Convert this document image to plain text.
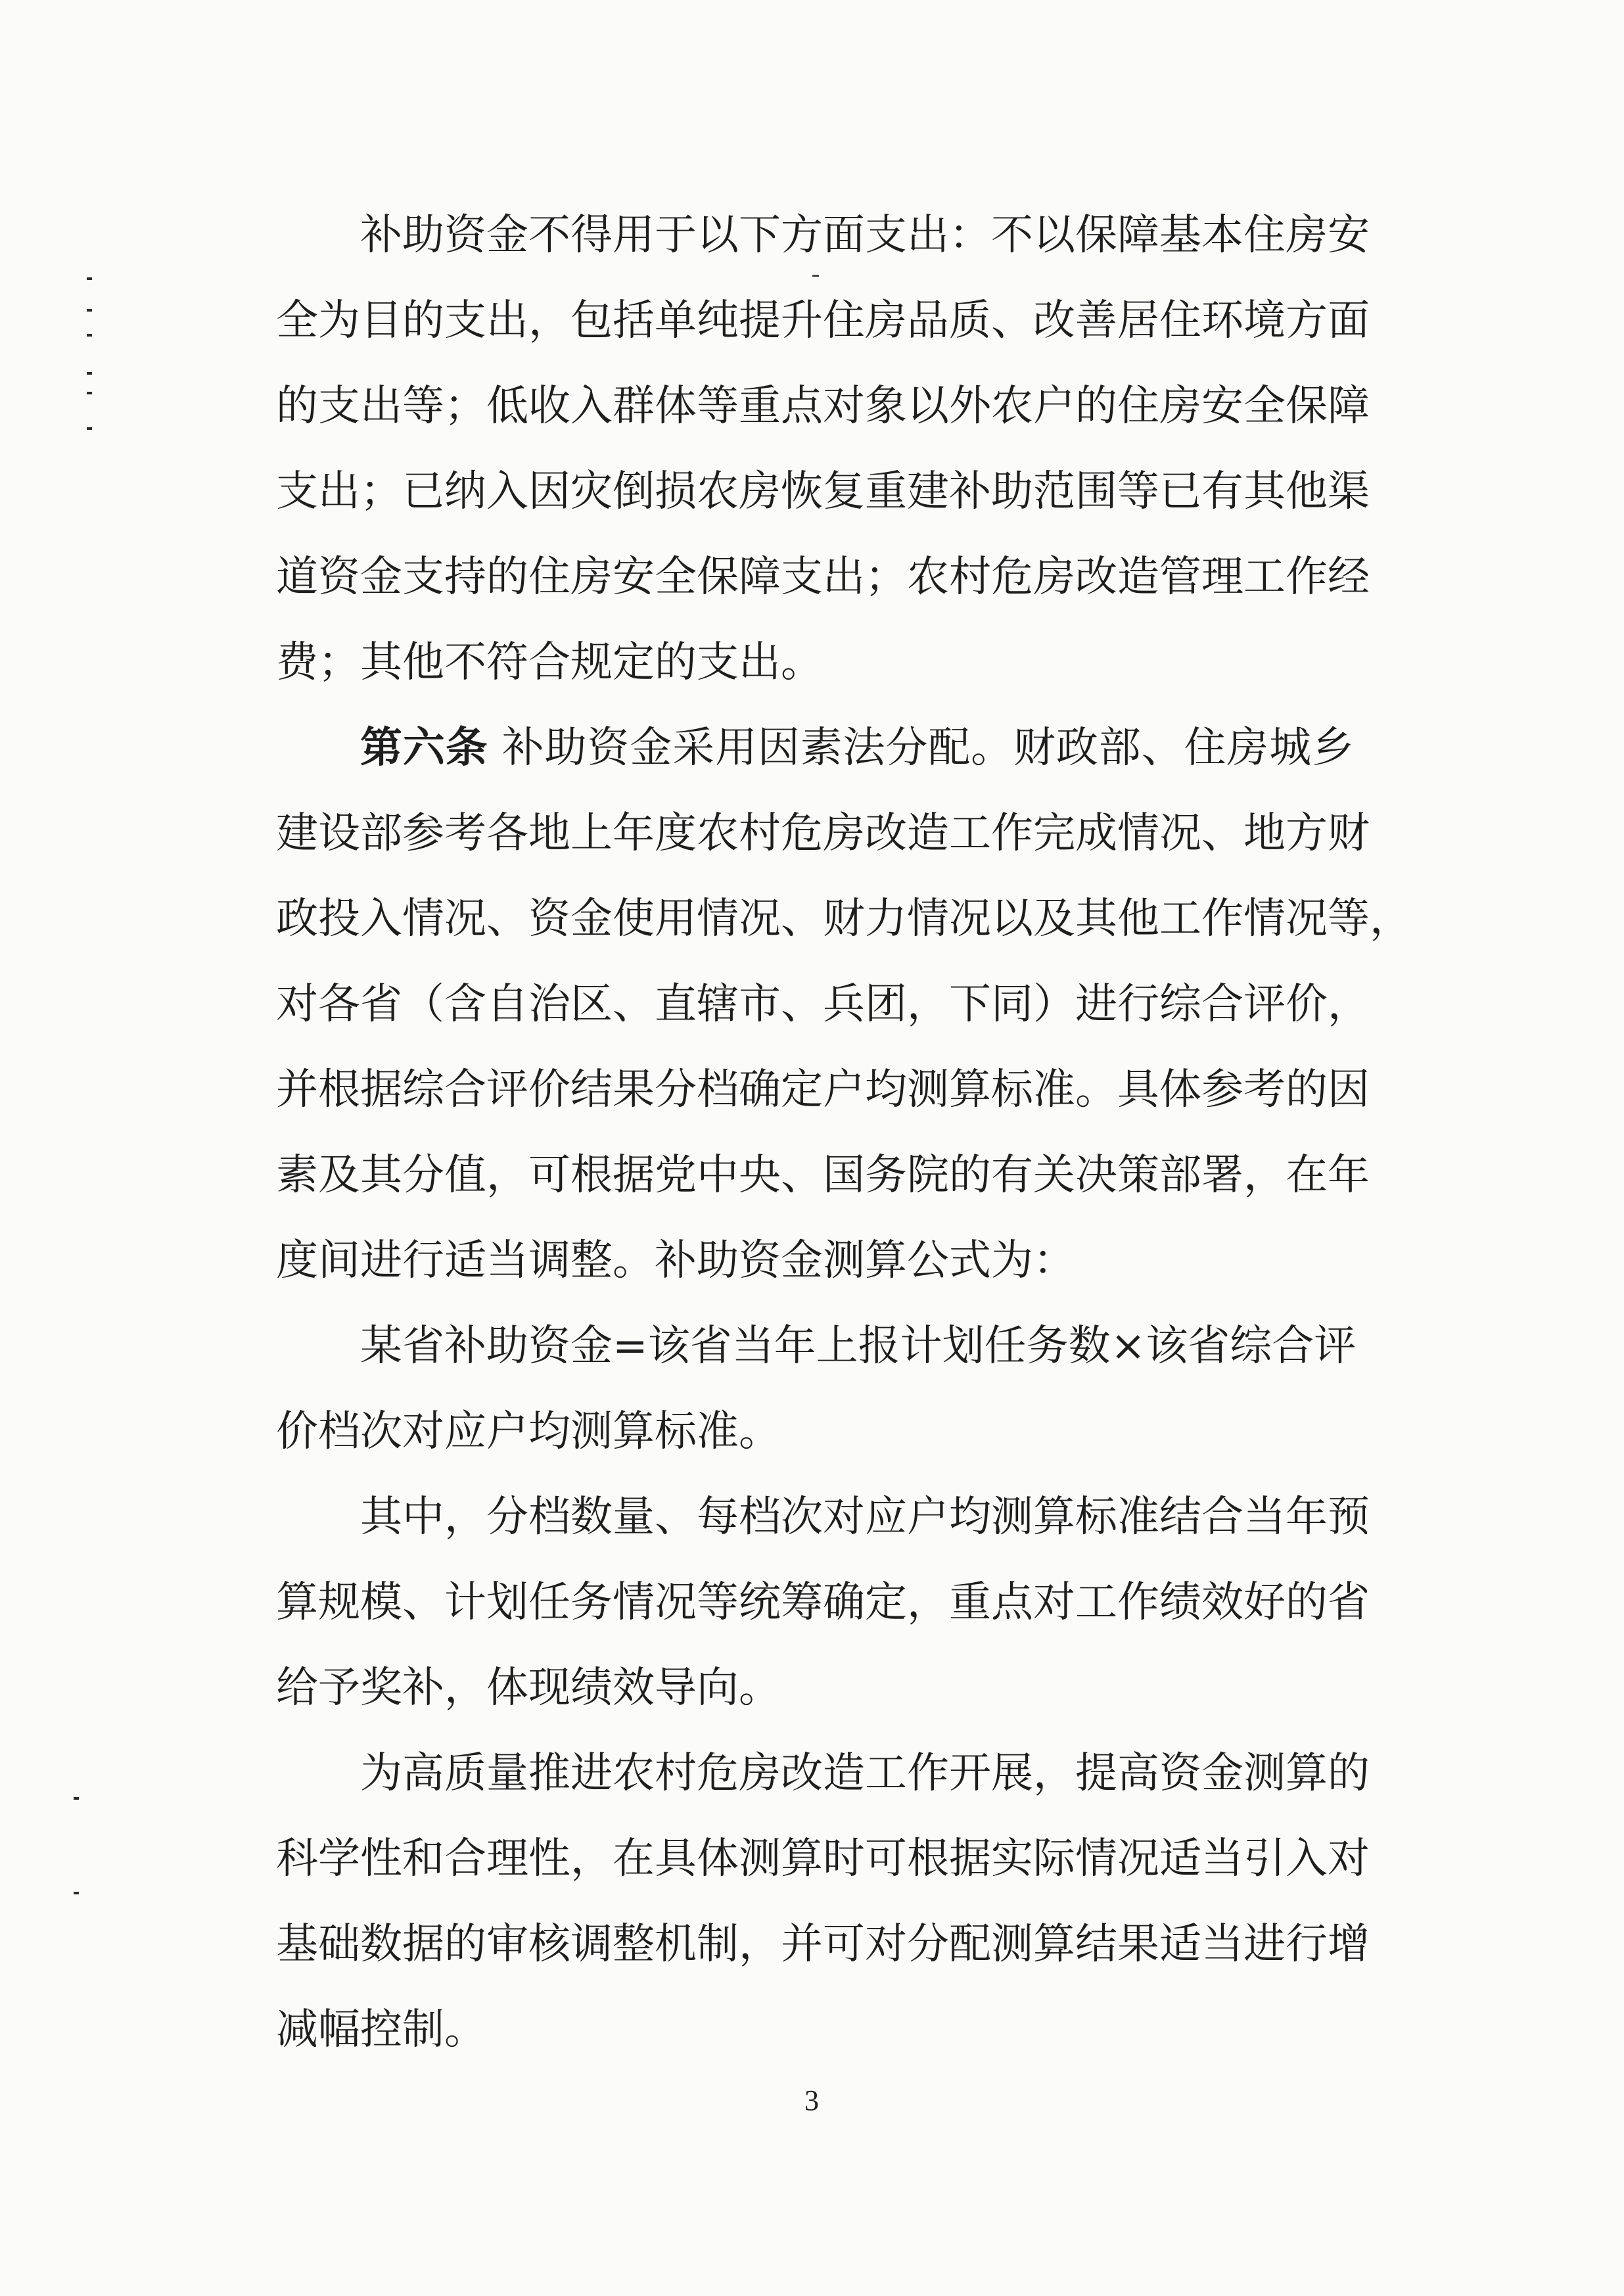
补助资金不得用于以下方面支出：不以保障基本住房安
全为目的支出，包括单纯提升住房品质、改善居住环境方面
的支出等；低收入群体等重点对象以外农户的住房安全保障
支出；已纳入因灾倒损农房恢复重建补助范围等已有其他渠
道资金支持的住房安全保障支出；农村危房改造管理工作经
费；其他不符合规定的支出。
第六条 补助资金采用因素法分配。财政部、住房城乡
建设部参考各地上年度农村危房改造工作完成情况、地方财
政投入情况、资金使用情况、财力情况以及其他工作情况等，
对各省（含自治区、直辖市、兵团，下同）进行综合评价，
并根据综合评价结果分档确定户均测算标准。具体参考的因
素及其分值，可根据党中央、国务院的有关决策部署，在年
度间进行适当调整。补助资金测算公式为：
某省补助资金=该省当年上报计划任务数×该省综合评
价档次对应户均测算标准。
其中，分档数量、每档次对应户均测算标准结合当年预
算规模、计划任务情况等统筹确定，重点对工作绩效好的省
给予奖补，体现绩效导向。
为高质量推进农村危房改造工作开展，提高资金测算的
科学性和合理性，在具体测算时可根据实际情况适当引入对
基础数据的审核调整机制，并可对分配测算结果适当进行增
减幅控制。
3
